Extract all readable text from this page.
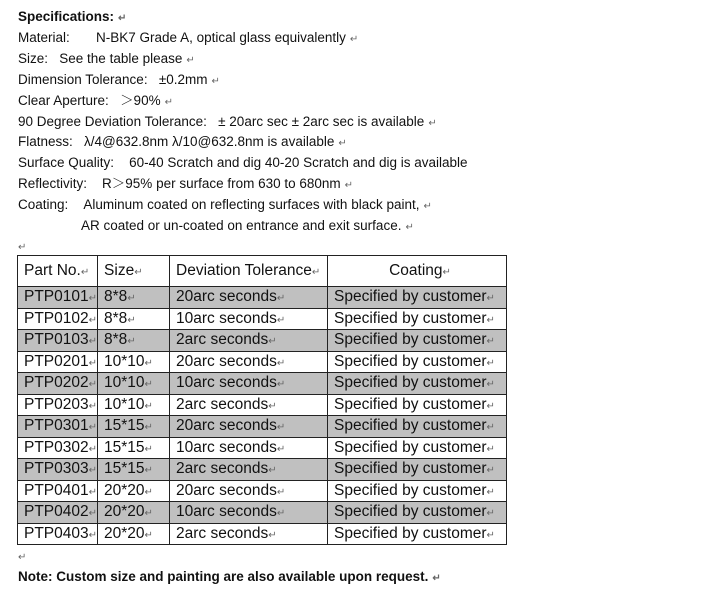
Specifications: ↵
Material: N-BK7 Grade A, optical glass equivalently ↵
Size: See the table please ↵
Dimension Tolerance: ±0.2mm ↵
Clear Aperture: ＞90% ↵
90 Degree Deviation Tolerance: ± 20arc sec ± 2arc sec is available ↵
Flatness: λ/4@632.8nm λ/10@632.8nm is available ↵
Surface Quality: 60-40 Scratch and dig 40-20 Scratch and dig is available
Reflectivity: R＞95% per surface from 630 to 680nm ↵
Coating: Aluminum coated on reflecting surfaces with black paint, ↵
AR coated or un-coated on entrance and exit surface. ↵
↵
Part No.↵	Size↵	Deviation Tolerance↵	Coating↵
PTP0101↵	8*8↵	20arc seconds↵	Specified by customer↵
PTP0102↵	8*8↵	10arc seconds↵	Specified by customer↵
PTP0103↵	8*8↵	2arc seconds↵	Specified by customer↵
PTP0201↵	10*10↵	20arc seconds↵	Specified by customer↵
PTP0202↵	10*10↵	10arc seconds↵	Specified by customer↵
PTP0203↵	10*10↵	2arc seconds↵	Specified by customer↵
PTP0301↵	15*15↵	20arc seconds↵	Specified by customer↵
PTP0302↵	15*15↵	10arc seconds↵	Specified by customer↵
PTP0303↵	15*15↵	2arc seconds↵	Specified by customer↵
PTP0401↵	20*20↵	20arc seconds↵	Specified by customer↵
PTP0402↵	20*20↵	10arc seconds↵	Specified by customer↵
PTP0403↵	20*20↵	2arc seconds↵	Specified by customer↵
Note: Custom size and painting are also available upon request. ↵
↵
